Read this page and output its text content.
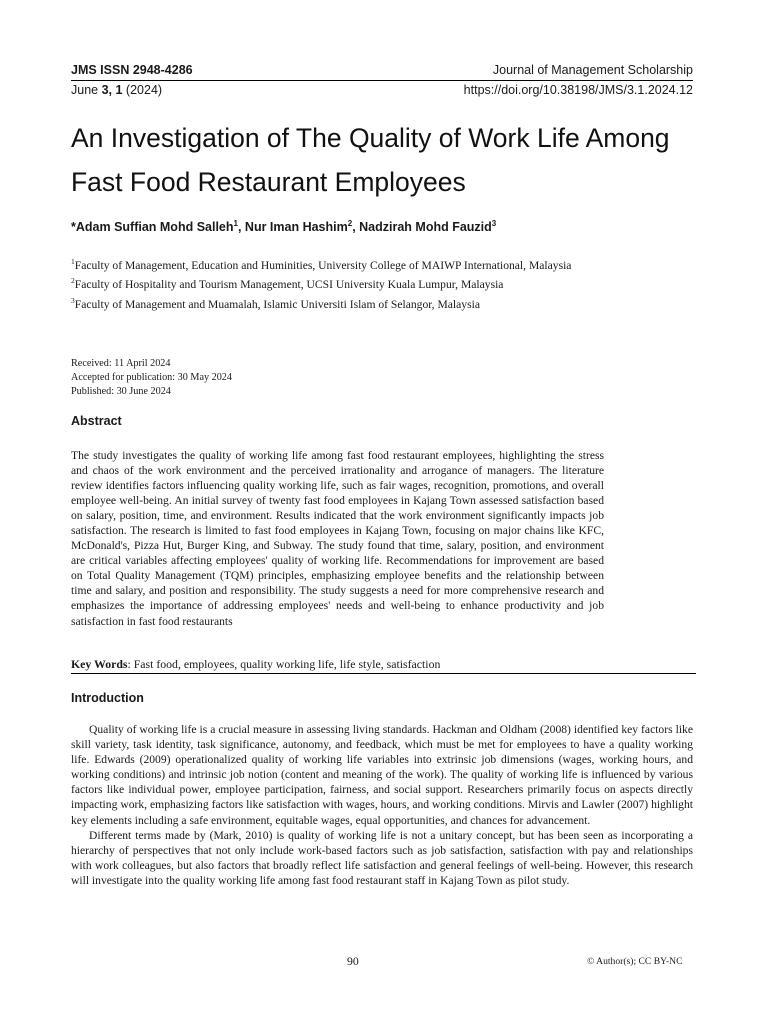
JMS ISSN 2948-4286	Journal of Management Scholarship
June 3, 1 (2024)	https://doi.org/10.38198/JMS/3.1.2024.12
An Investigation of The Quality of Work Life Among Fast Food Restaurant Employees
*Adam Suffian Mohd Salleh$^1$, Nur Iman Hashim$^2$, Nadzirah Mohd Fauzid$^3$
$^1$Faculty of Management, Education and Huminities, University College of MAIWP International, Malaysia
$^2$Faculty of Hospitality and Tourism Management, UCSI University Kuala Lumpur, Malaysia
$^3$Faculty of Management and Muamalah, Islamic Universiti Islam of Selangor, Malaysia
Received: 11 April 2024
Accepted for publication: 30 May 2024
Published: 30 June 2024
Abstract
The study investigates the quality of working life among fast food restaurant employees, highlighting the stress and chaos of the work environment and the perceived irrationality and arrogance of managers. The literature review identifies factors influencing quality working life, such as fair wages, recognition, promotions, and overall employee well-being. An initial survey of twenty fast food employees in Kajang Town assessed satisfaction based on salary, position, time, and environment. Results indicated that the work environment significantly impacts job satisfaction. The research is limited to fast food employees in Kajang Town, focusing on major chains like KFC, McDonald's, Pizza Hut, Burger King, and Subway. The study found that time, salary, position, and environment are critical variables affecting employees' quality of working life. Recommendations for improvement are based on Total Quality Management (TQM) principles, emphasizing employee benefits and the relationship between time and salary, and position and responsibility. The study suggests a need for more comprehensive research and emphasizes the importance of addressing employees' needs and well-being to enhance productivity and job satisfaction in fast food restaurants
Key Words: Fast food, employees, quality working life, life style, satisfaction
Introduction

Quality of working life is a crucial measure in assessing living standards. Hackman and Oldham (2008) identified key factors like skill variety, task identity, task significance, autonomy, and feedback, which must be met for employees to have a quality working life. Edwards (2009) operationalized quality of working life variables into extrinsic job dimensions (wages, working hours, and working conditions) and intrinsic job notion (content and meaning of the work). The quality of working life is influenced by various factors like individual power, employee participation, fairness, and social support. Researchers primarily focus on aspects directly impacting work, emphasizing factors like satisfaction with wages, hours, and working conditions. Mirvis and Lawler (2007) highlight key elements including a safe environment, equitable wages, equal opportunities, and chances for advancement.

Different terms made by (Mark, 2010) is quality of working life is not a unitary concept, but has been seen as incorporating a hierarchy of perspectives that not only include work-based factors such as job satisfaction, satisfaction with pay and relationships with work colleagues, but also factors that broadly reflect life satisfaction and general feelings of well-being. However, this research will investigate into the quality working life among fast food restaurant staff in Kajang Town as pilot study.

90	© Author(s); CC BY-NC
